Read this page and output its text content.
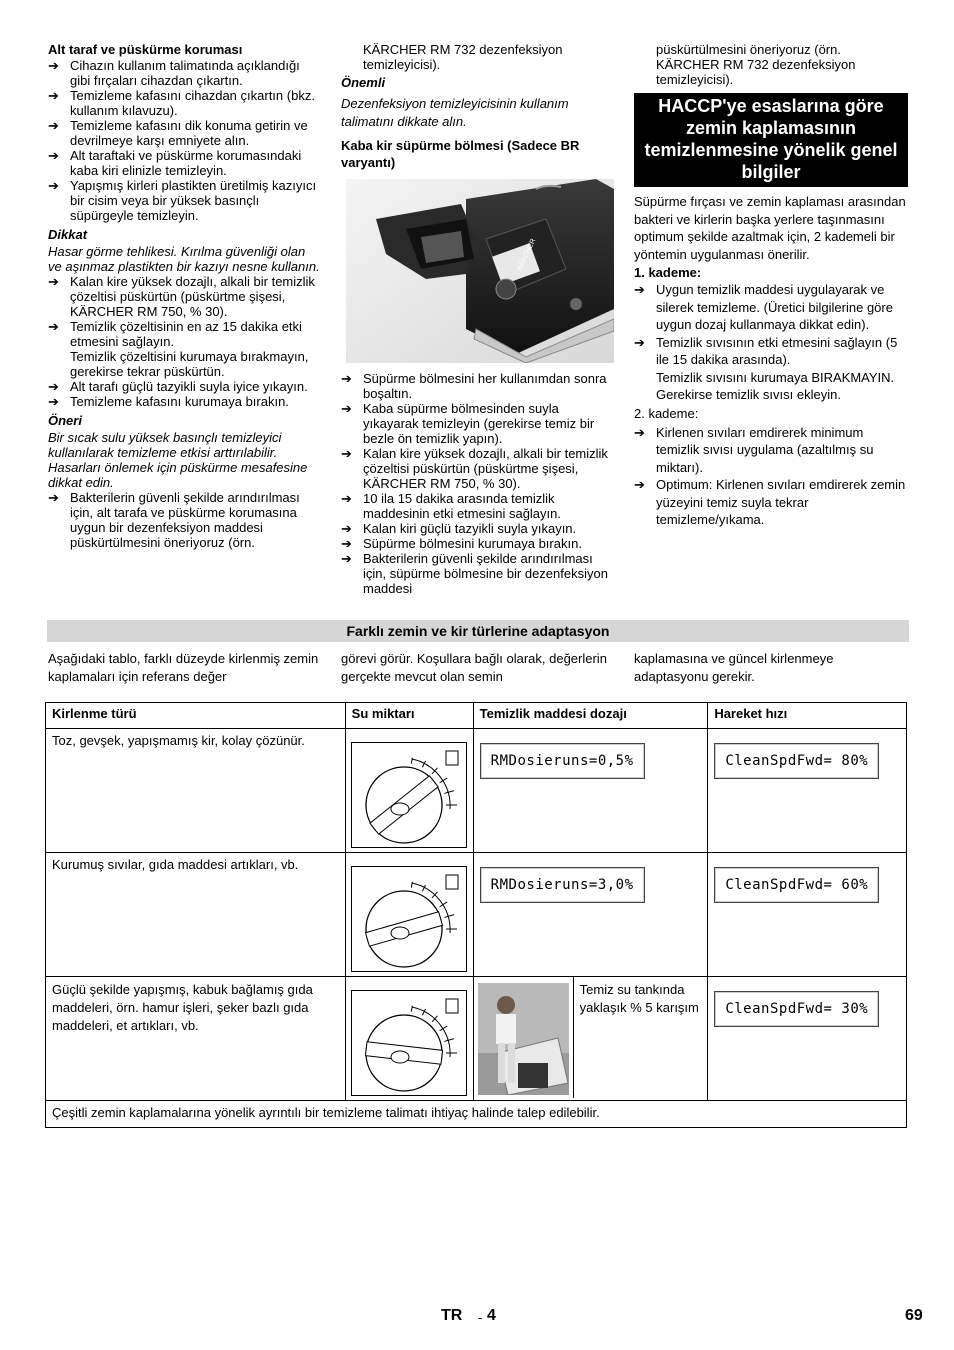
Alt taraf ve püskürme koruması

➔ Cihazın kullanım talimatında açıklandığı gibi fırçaları cihazdan çıkartın.

➔ Temizleme kafasını cihazdan çıkartın (bkz. kullanım kılavuzu).

➔ Temizleme kafasını dik konuma getirin ve devrilmeye karşı emniyete alın.

➔ Alt taraftaki ve püskürme korumasındaki kaba kiri elinizle temizleyin.

➔ Yapışmış kirleri plastikten üretilmiş kazıyıcı bir cisim veya bir yüksek basınçlı süpürgeyle temizleyin.

Dikkat

Hasar görme tehlikesi. Kırılma güvenliği olan ve aşınmaz plastikten bir kazıyı nesne kullanın.

➔ Kalan kire yüksek dozajlı, alkali bir temizlik çözeltisi püskürtün (püskürtme şişesi, KÄRCHER RM 750, % 30).

➔ Temizlik çözeltisinin en az 15 dakika etki etmesini sağlayın.

Temizlik çözeltisini kurumaya bırakmayın, gerekirse tekrar püskürtün.

➔ Alt tarafı güçlü tazyikli suyla iyice yıkayın.

➔ Temizleme kafasını kurumaya bırakın.

Öneri

Bir sıcak sulu yüksek basınçlı temizleyici kullanılarak temizleme etkisi arttırılabilir. Hasarları önlemek için püskürme mesafesine dikkat edin.

➔ Bakterilerin güvenli şekilde arındırılması için, alt tarafa ve püskürme korumasına uygun bir dezenfeksiyon maddesi püskürtülmesini öneriyoruz (örn.

KÄRCHER RM 732 dezenfeksiyon temizleyicisi).

Önemli

Dezenfeksiyon temizleyicisinin kullanım talimatını dikkate alın.

Kaba kir süpürme bölmesi (Sadece BR varyantı)

KÄRCHER

➔ Süpürme bölmesini her kullanımdan sonra boşaltın.

➔ Kaba süpürme bölmesinden suyla yıkayarak temizleyin (gerekirse temiz bir bezle ön temizlik yapın).

➔ Kalan kire yüksek dozajlı, alkali bir temizlik çözeltisi püskürtün (püskürtme şişesi, KÄRCHER RM 750, % 30).

➔ 10 ila 15 dakika arasında temizlik maddesinin etki etmesini sağlayın.

➔ Kalan kiri güçlü tazyikli suyla yıkayın.

➔ Süpürme bölmesini kurumaya bırakın.

➔ Bakterilerin güvenli şekilde arındırılması için, süpürme bölmesine bir dezenfeksiyon maddesi

püskürtülmesini öneriyoruz (örn. KÄRCHER RM 732 dezenfeksiyon temizleyicisi).

HACCP'ye esaslarına göre zemin kaplamasının temizlenmesine yönelik genel bilgiler

Süpürme fırçası ve zemin kaplaması arasından bakteri ve kirlerin başka yerlere taşınmasını optimum şekilde azaltmak için, 2 kademeli bir yöntemin uygulanması önerilir.

1. kademe:

➔ Uygun temizlik maddesi uygulayarak ve silerek temizleme. (Üretici bilgilerine göre uygun dozaj kullanmaya dikkat edin).

➔ Temizlik sıvısının etki etmesini sağlayın (5 ile 15 dakika arasında).

Temizlik sıvısını kurumaya BIRAKMAYIN. Gerekirse temizlik sıvısı ekleyin.

2. kademe:

➔ Kirlenen sıvıları emdirerek minimum temizlik sıvısı uygulama (azaltılmış su miktarı).

➔ Optimum: Kirlenen sıvıları emdirerek zemin yüzeyini temiz suyla tekrar temizleme/yıkama.

Farklı zemin ve kir türlerine adaptasyon
Aşağıdaki tablo, farklı düzeyde kirlenmiş zemin kaplamaları için referans değer
görevi görür. Koşullara bağlı olarak, değerlerin gerçekte mevcut olan semin
kaplamasına ve güncel kirlenmeye adaptasyonu gerekir.
Kirlenme türü	Su miktarı	Temizlik maddesi dozajı	Hareket hızı
Toz, gevşek, yapışmamış kir, kolay çözünür.		RMDosieruns=0,5%	CleanSpdFwd= 80%
Kurumuş sıvılar, gıda maddesi artıkları, vb.		RMDosieruns=3,0%	CleanSpdFwd= 60%
Güçlü şekilde yapışmış, kabuk bağlamış gıda maddeleri, örn. hamur işleri, şeker bazlı gıda maddeleri, et artıkları, vb.		Temiz su tankında yaklaşık % 5 karışım	CleanSpdFwd= 30%
Çeşitli zemin kaplamalarına yönelik ayrıntılı bir temizleme talimatı ihtiyaç halinde talep edilebilir.			
TR - 4	69
